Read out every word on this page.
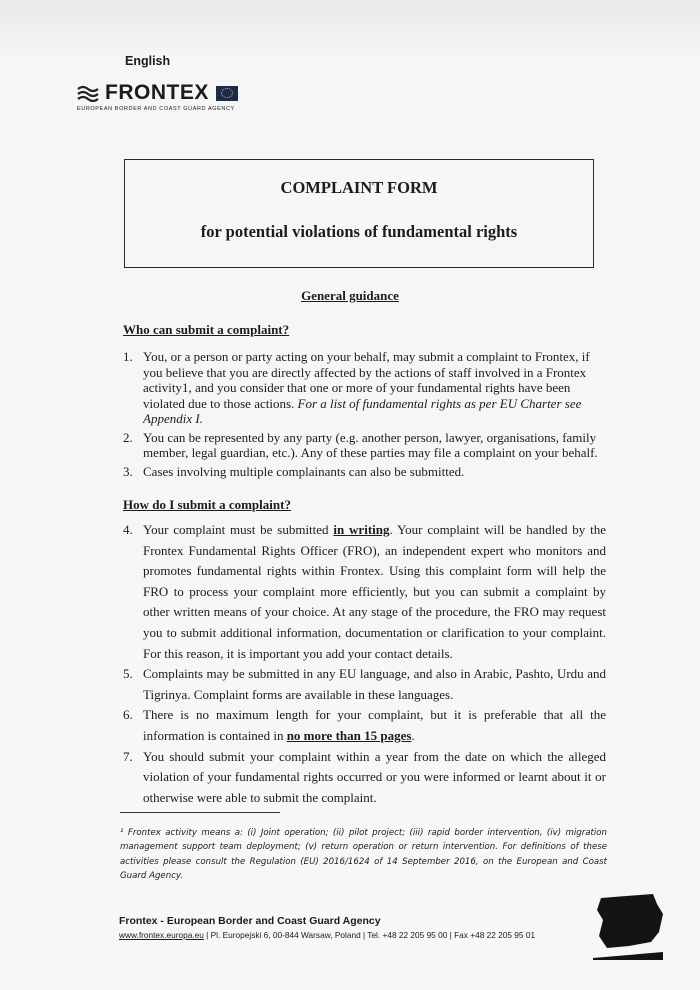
English
FRONTEX
EUROPEAN BORDER AND COAST GUARD AGENCY
COMPLAINT FORM
for potential violations of fundamental rights
General guidance
Who can submit a complaint?
1. You, or a person or party acting on your behalf, may submit a complaint to Frontex, if you believe that you are directly affected by the actions of staff involved in a Frontex activity1, and you consider that one or more of your fundamental rights have been violated due to those actions. For a list of fundamental rights as per EU Charter see Appendix I.
2. You can be represented by any party (e.g. another person, lawyer, organisations, family member, legal guardian, etc.). Any of these parties may file a complaint on your behalf.
3. Cases involving multiple complainants can also be submitted.
How do I submit a complaint?
4. Your complaint must be submitted in writing. Your complaint will be handled by the Frontex Fundamental Rights Officer (FRO), an independent expert who monitors and promotes fundamental rights within Frontex. Using this complaint form will help the FRO to process your complaint more efficiently, but you can submit a complaint by other written means of your choice. At any stage of the procedure, the FRO may request you to submit additional information, documentation or clarification to your complaint. For this reason, it is important you add your contact details.
5. Complaints may be submitted in any EU language, and also in Arabic, Pashto, Urdu and Tigrinya. Complaint forms are available in these languages.
6. There is no maximum length for your complaint, but it is preferable that all the information is contained in no more than 15 pages.
7. You should submit your complaint within a year from the date on which the alleged violation of your fundamental rights occurred or you were informed or learnt about it or otherwise were able to submit the complaint.
¹ Frontex activity means a: (i) Joint operation; (ii) pilot project; (iii) rapid border intervention, (iv) migration management support team deployment; (v) return operation or return intervention. For definitions of these activities please consult the Regulation (EU) 2016/1624 of 14 September 2016, on the European and Coast Guard Agency.
Frontex - European Border and Coast Guard Agency
www.frontex.europa.eu | Pl. Europejski 6, 00-844 Warsaw, Poland | Tel. +48 22 205 95 00 | Fax +48 22 205 95 01
